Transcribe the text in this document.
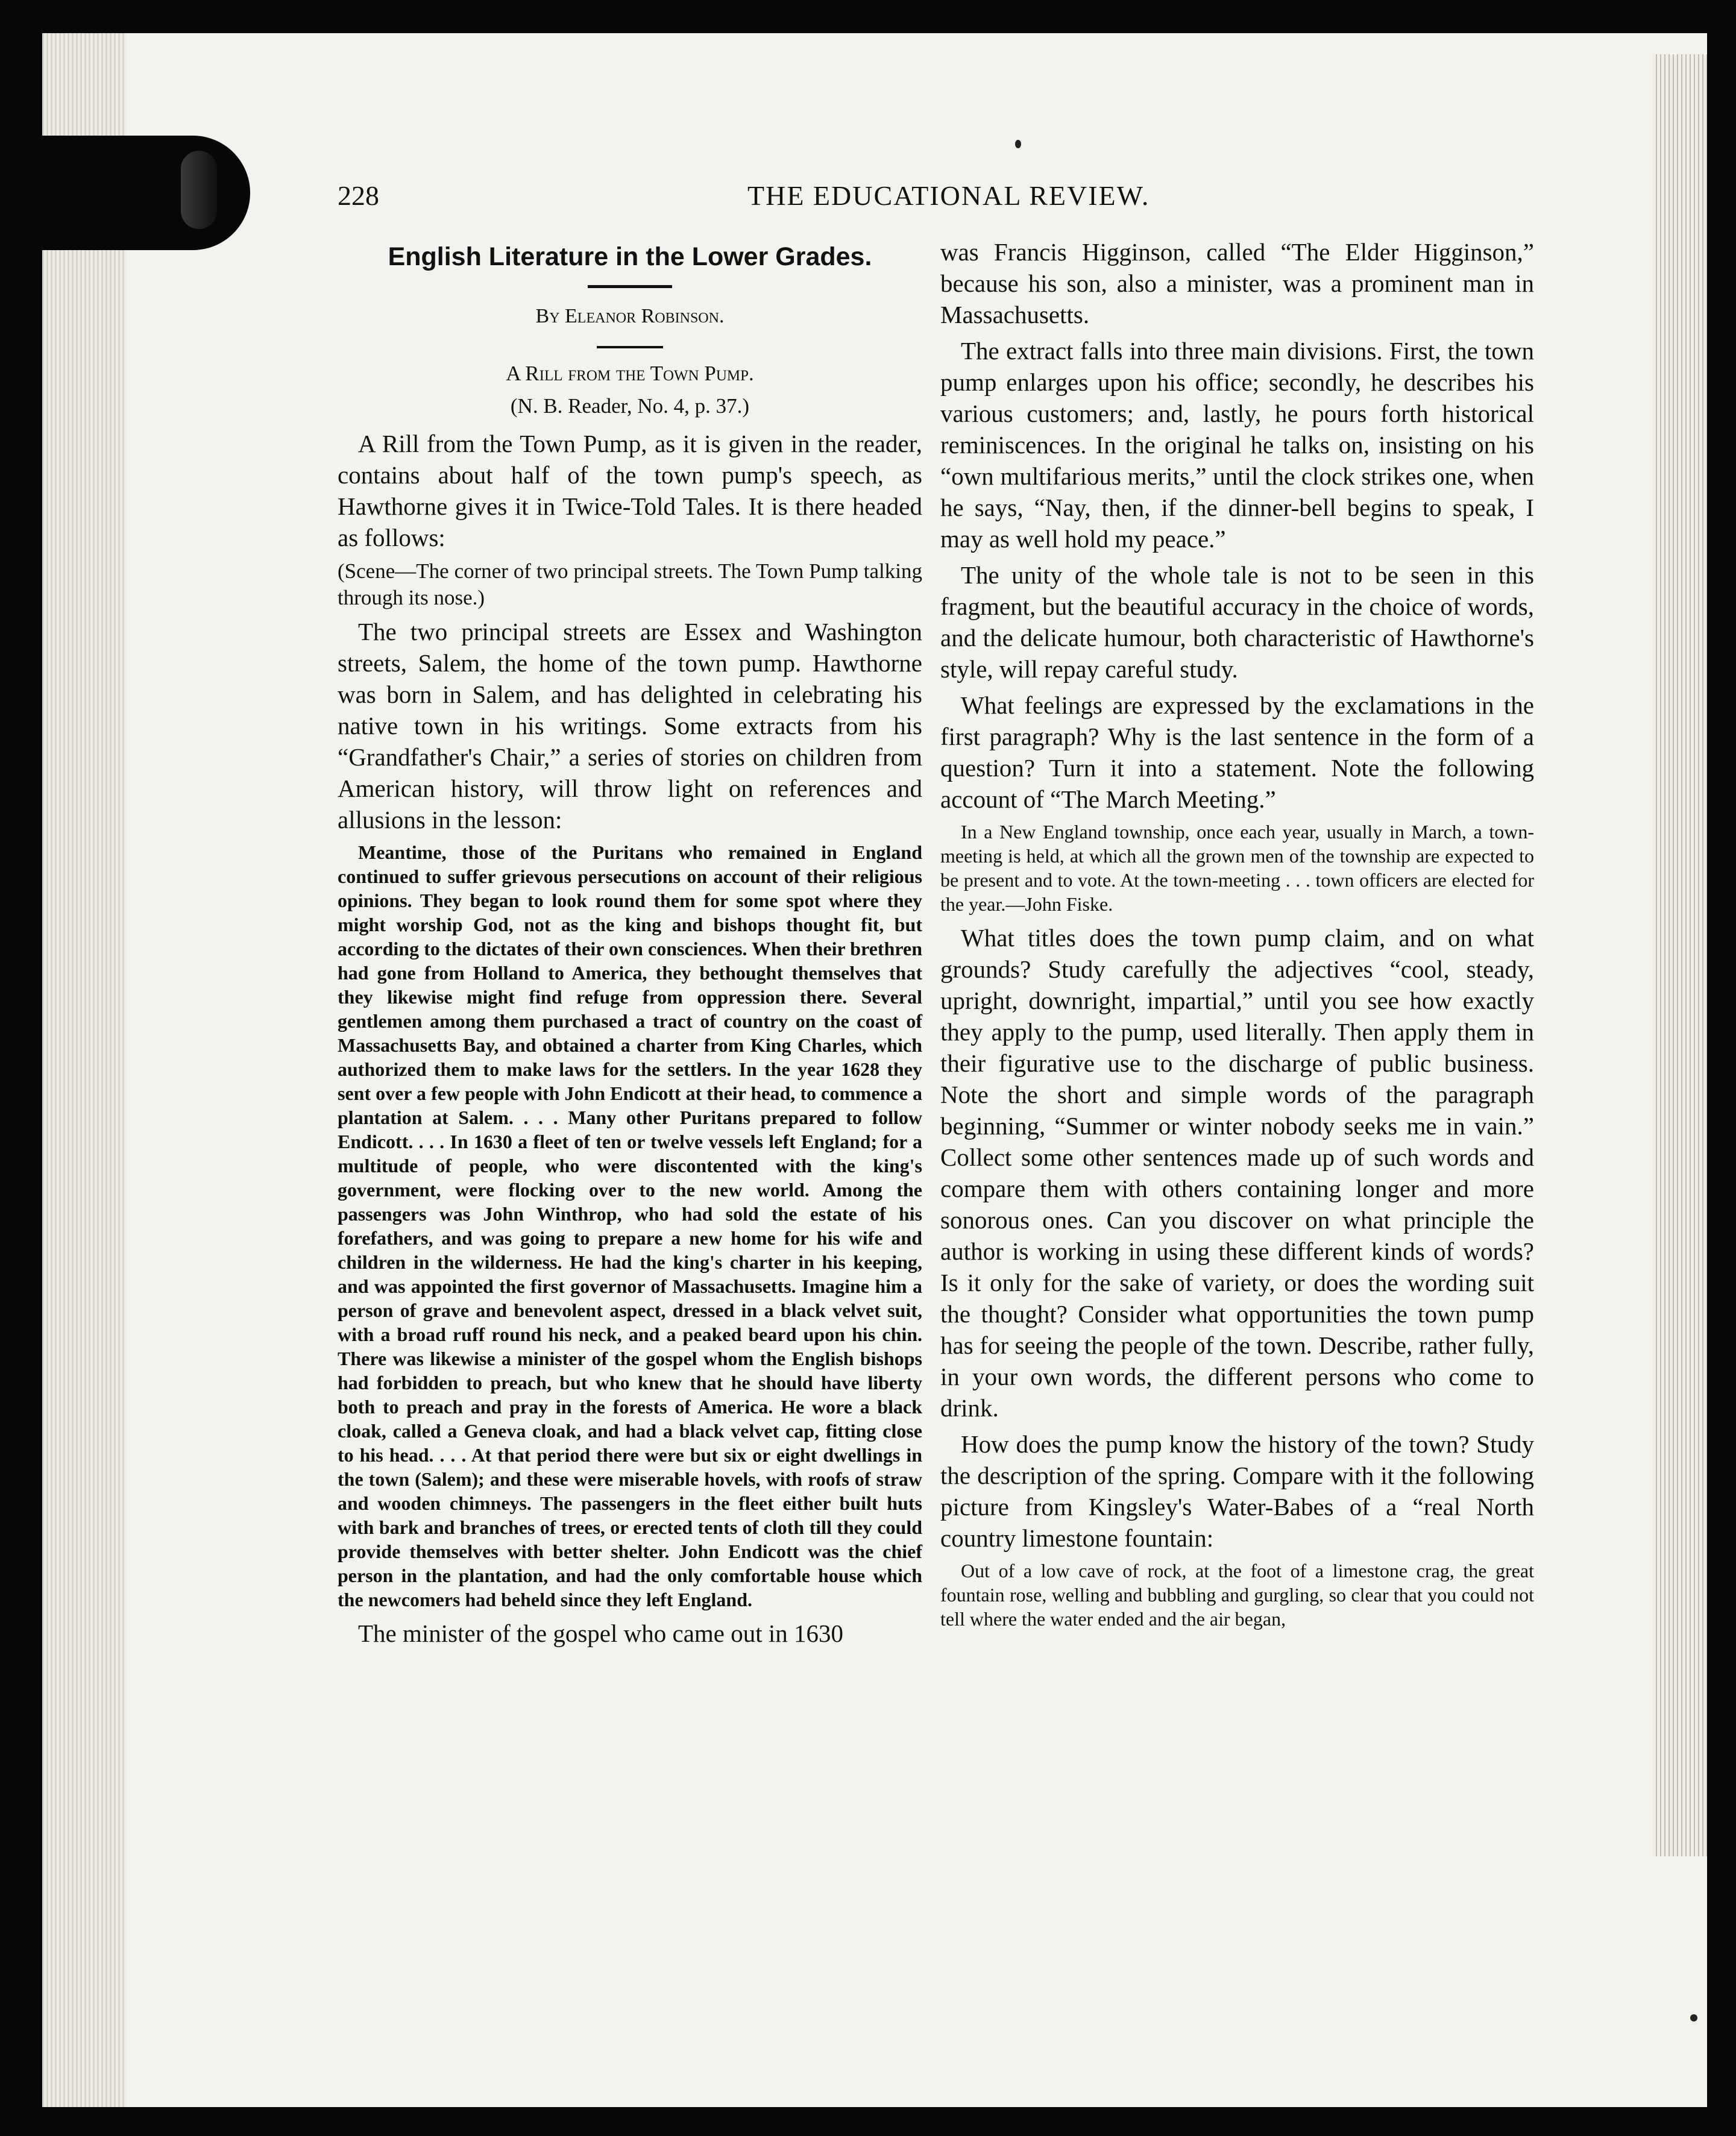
228	THE EDUCATIONAL REVIEW.
English Literature in the Lower Grades.
By Eleanor Robinson.
A Rill from the Town Pump.
(N. B. Reader, No. 4, p. 37.)

A Rill from the Town Pump, as it is given in the reader, contains about half of the town pump's speech, as Hawthorne gives it in Twice-Told Tales. It is there headed as follows:

(Scene—The corner of two principal streets. The Town Pump talking through its nose.)

The two principal streets are Essex and Washington streets, Salem, the home of the town pump. Hawthorne was born in Salem, and has delighted in celebrating his native town in his writings. Some extracts from his “Grandfather's Chair,” a series of stories on children from American history, will throw light on references and allusions in the lesson:

Meantime, those of the Puritans who remained in England continued to suffer grievous persecutions on account of their religious opinions. They began to look round them for some spot where they might worship God, not as the king and bishops thought fit, but according to the dictates of their own consciences. When their brethren had gone from Holland to America, they bethought themselves that they likewise might find refuge from oppression there. Several gentlemen among them purchased a tract of country on the coast of Massachusetts Bay, and obtained a charter from King Charles, which authorized them to make laws for the settlers. In the year 1628 they sent over a few people with John Endicott at their head, to commence a plantation at Salem. . . . Many other Puritans prepared to follow Endicott. . . . In 1630 a fleet of ten or twelve vessels left England; for a multitude of people, who were discontented with the king's government, were flocking over to the new world. Among the passengers was John Winthrop, who had sold the estate of his forefathers, and was going to prepare a new home for his wife and children in the wilderness. He had the king's charter in his keeping, and was appointed the first governor of Massachusetts. Imagine him a person of grave and benevolent aspect, dressed in a black velvet suit, with a broad ruff round his neck, and a peaked beard upon his chin. There was likewise a minister of the gospel whom the English bishops had forbidden to preach, but who knew that he should have liberty both to preach and pray in the forests of America. He wore a black cloak, called a Geneva cloak, and had a black velvet cap, fitting close to his head. . . . At that period there were but six or eight dwellings in the town (Salem); and these were miserable hovels, with roofs of straw and wooden chimneys. The passengers in the fleet either built huts with bark and branches of trees, or erected tents of cloth till they could provide themselves with better shelter. John Endicott was the chief person in the plantation, and had the only comfortable house which the newcomers had beheld since they left England.

The minister of the gospel who came out in 1630

was Francis Higginson, called “The Elder Higginson,” because his son, also a minister, was a prominent man in Massachusetts.

The extract falls into three main divisions. First, the town pump enlarges upon his office; secondly, he describes his various customers; and, lastly, he pours forth historical reminiscences. In the original he talks on, insisting on his “own multifarious merits,” until the clock strikes one, when he says, “Nay, then, if the dinner-bell begins to speak, I may as well hold my peace.”

The unity of the whole tale is not to be seen in this fragment, but the beautiful accuracy in the choice of words, and the delicate humour, both characteristic of Hawthorne's style, will repay careful study.

What feelings are expressed by the exclamations in the first paragraph? Why is the last sentence in the form of a question? Turn it into a statement. Note the following account of “The March Meeting.”

In a New England township, once each year, usually in March, a town-meeting is held, at which all the grown men of the township are expected to be present and to vote. At the town-meeting . . . town officers are elected for the year.—John Fiske.

What titles does the town pump claim, and on what grounds? Study carefully the adjectives “cool, steady, upright, downright, impartial,” until you see how exactly they apply to the pump, used literally. Then apply them in their figurative use to the discharge of public business. Note the short and simple words of the paragraph beginning, “Summer or winter nobody seeks me in vain.” Collect some other sentences made up of such words and compare them with others containing longer and more sonorous ones. Can you discover on what principle the author is working in using these different kinds of words? Is it only for the sake of variety, or does the wording suit the thought? Consider what opportunities the town pump has for seeing the people of the town. Describe, rather fully, in your own words, the different persons who come to drink.

How does the pump know the history of the town? Study the description of the spring. Compare with it the following picture from Kingsley's Water-Babes of a “real North country limestone fountain:

Out of a low cave of rock, at the foot of a limestone crag, the great fountain rose, welling and bubbling and gurgling, so clear that you could not tell where the water ended and the air began,
